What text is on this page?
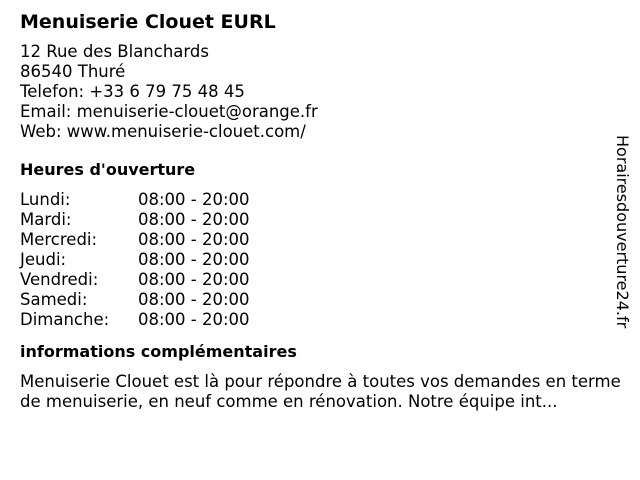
Menuiserie Clouet EURL
12 Rue des Blanchards
86540 Thuré
Telefon: +33 6 79 75 48 45
Email: menuiserie-clouet@orange.fr
Web: www.menuiserie-clouet.com/
Heures d'ouverture
Lundi:	08:00 - 20:00
Mardi:	08:00 - 20:00
Mercredi:	08:00 - 20:00
Jeudi:	08:00 - 20:00
Vendredi:	08:00 - 20:00
Samedi:	08:00 - 20:00
Dimanche:	08:00 - 20:00
informations complémentaires

Menuiserie Clouet est là pour répondre à toutes vos demandes en terme de menuiserie, en neuf comme en rénovation. Notre équipe int...

Horairesdouverture24.fr
